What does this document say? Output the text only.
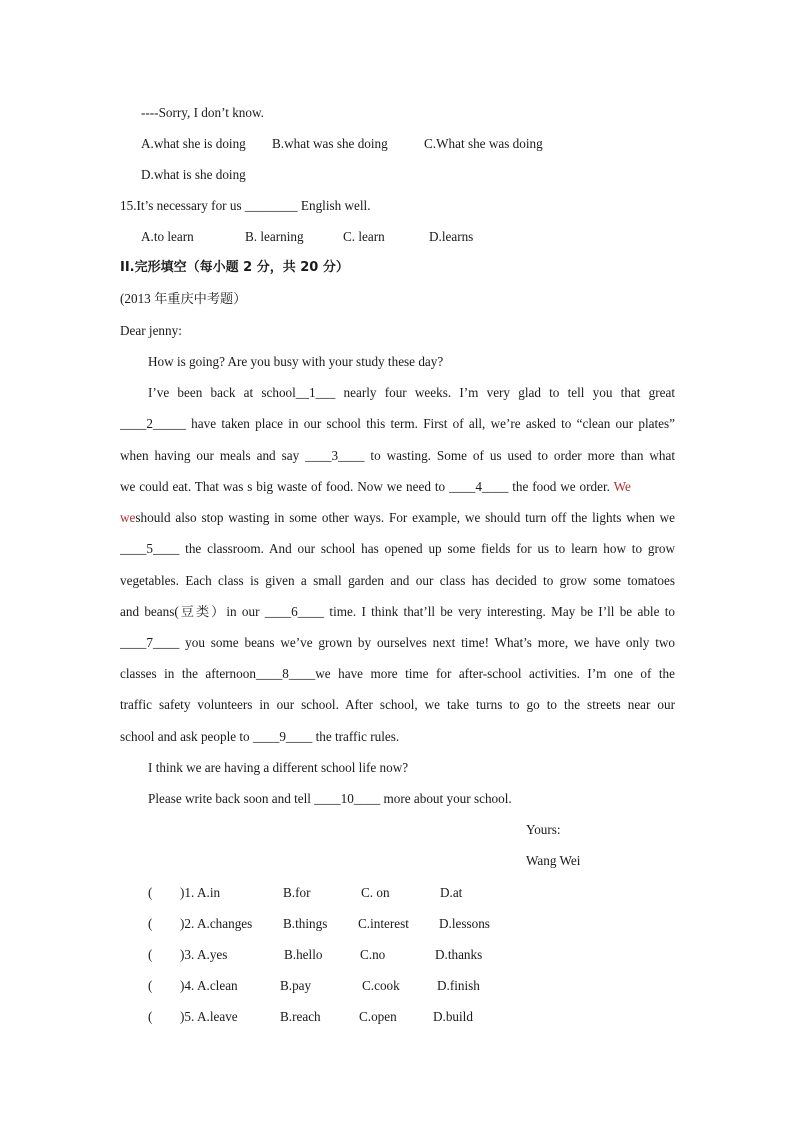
----Sorry, I don’t know.
A.what she is doing B.what was she doing	C.What she was doing
D.what is she doing
15.It’s necessary for us ________ English well.
A.to learn	B. learning	C. learn	D.learns
II.完形填空（每小题 2 分，共 20 分）
(2013 年重庆中考题）
Dear jenny:
How is going? Are you busy with your study these day?
I’ve been back at school__1___ nearly four weeks. I’m very glad to tell you that great
____2_____ have taken place in our school this term. First of all, we’re asked to “clean our plates”
when having our meals and say ____3____ to wasting. Some of us used to order more than what
we could eat. That was s big waste of food. Now we need to ____4____ the food we order. We
weshould also stop wasting in some other ways. For example, we should turn off the lights when we
____5____ the classroom. And our school has opened up some fields for us to learn how to grow
vegetables. Each class is given a small garden and our class has decided to grow some tomatoes
and beans(豆类）in our ____6____ time. I think that’ll be very interesting. May be I’ll be able to
____7____ you some beans we’ve grown by ourselves next time! What’s more, we have only two
classes in the afternoon____8____we have more time for after-school activities. I’m one of the
traffic safety volunteers in our school. After school, we take turns to go to the streets near our
school and ask people to ____9____ the traffic rules.
I think we are having a different school life now?
Please write back soon and tell ____10____ more about your school.
Yours:
Wang Wei
( )1. A.in	B.for	C. on	D.at
( )2. A.changes B.things C.interest D.lessons
( )3. A.yes	B.hello	C.no	D.thanks
( )4. A.clean	B.pay	C.cook	D.finish
( )5. A.leave	B.reach	C.open	D.build
